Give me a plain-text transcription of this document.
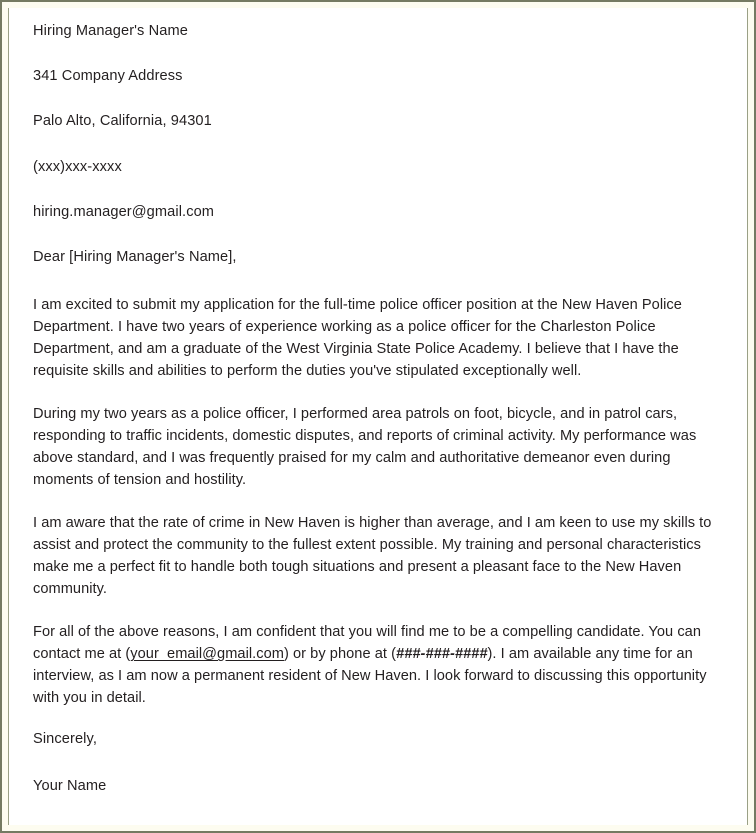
Hiring Manager's Name

341 Company Address

Palo Alto, California, 94301

(xxx)xxx-xxxx

hiring.manager@gmail.com

Dear [Hiring Manager's Name],

I am excited to submit my application for the full-time police officer position at the New Haven Police Department. I have two years of experience working as a police officer for the Charleston Police Department, and am a graduate of the West Virginia State Police Academy. I believe that I have the requisite skills and abilities to perform the duties you've stipulated exceptionally well.

During my two years as a police officer, I performed area patrols on foot, bicycle, and in patrol cars, responding to traffic incidents, domestic disputes, and reports of criminal activity. My performance was above standard, and I was frequently praised for my calm and authoritative demeanor even during moments of tension and hostility.

I am aware that the rate of crime in New Haven is higher than average, and I am keen to use my skills to assist and protect the community to the fullest extent possible. My training and personal characteristics make me a perfect fit to handle both tough situations and present a pleasant face to the New Haven community.

For all of the above reasons, I am confident that you will find me to be a compelling candidate. You can contact me at (your_email@gmail.com) or by phone at (###-###-####). I am available any time for an interview, as I am now a permanent resident of New Haven. I look forward to discussing this opportunity with you in detail.

Sincerely,

Your Name
